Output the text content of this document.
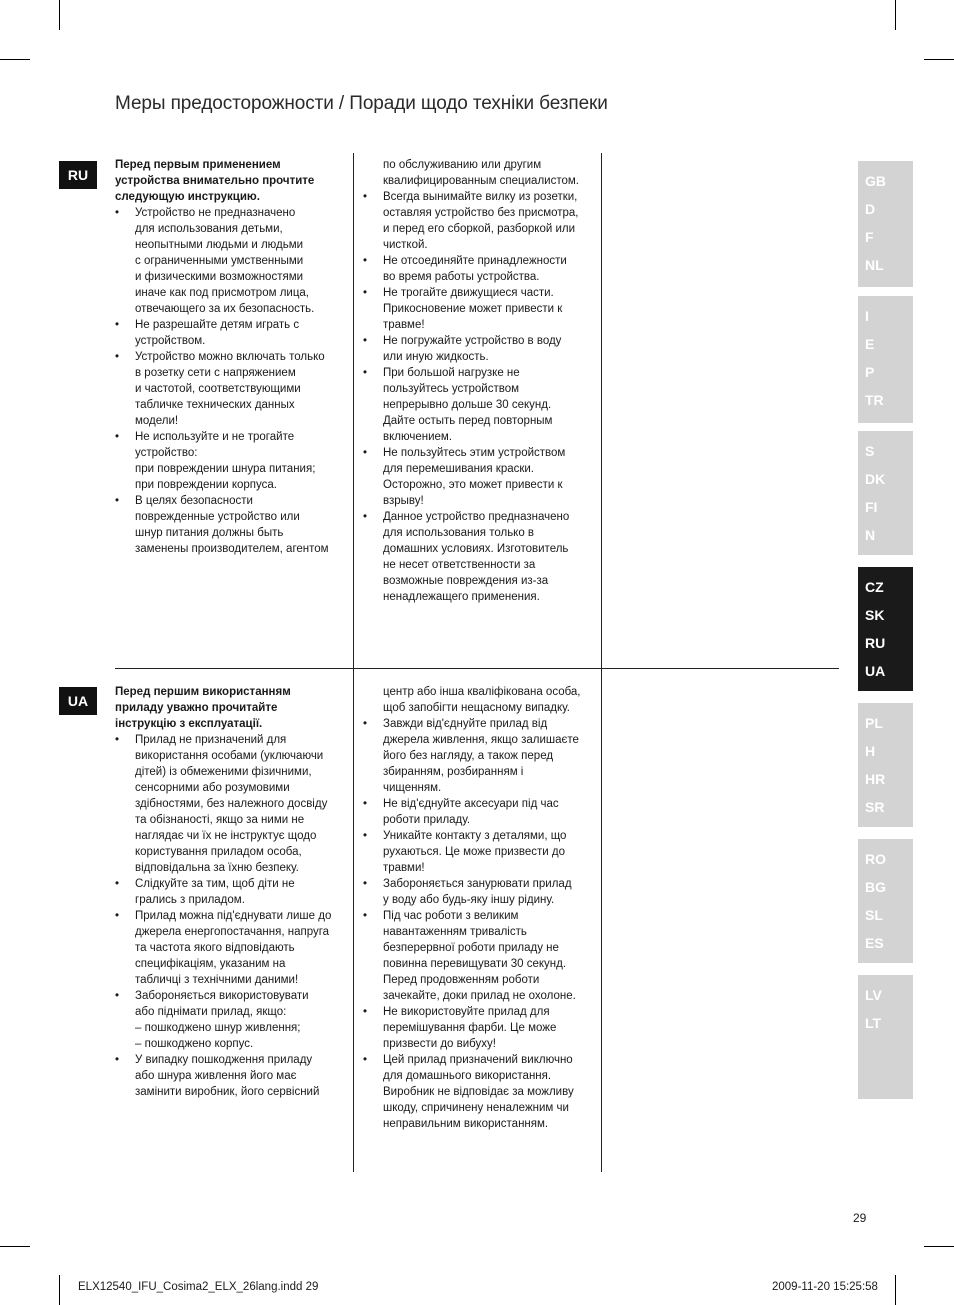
Меры предосторожности / Поради щодо техніки безпеки
RU
Перед первым применением
устройства внимательно прочтите
следующую инструкцию.
• Устройство не предназначено
для использования детьми,
неопытными людьми и людьми
с ограниченными умственными
и физическими возможностями
иначе как под присмотром лица,
отвечающего за их безопасность.
• Не разрешайте детям играть с
устройством.
• Устройство можно включать только
в розетку сети с напряжением
и частотой, соответствующими
табличке технических данных
модели!
• Не используйте и не трогайте
устройство:
при повреждении шнура питания;
при повреждении корпуса.
• В целях безопасности
поврежденные устройство или
шнур питания должны быть
заменены производителем, агентом
по обслуживанию или другим
квалифицированным специалистом.
• Всегда вынимайте вилку из розетки,
оставляя устройство без присмотра,
и перед его сборкой, разборкой или
чисткой.
• Не отсоединяйте принадлежности
во время работы устройства.
• Не трогайте движущиеся части.
Прикосновение может привести к
травме!
• Не погружайте устройство в воду
или иную жидкость.
• При большой нагрузке не
пользуйтесь устройством
непрерывно дольше 30 секунд.
Дайте остыть перед повторным
включением.
• Не пользуйтесь этим устройством
для перемешивания краски.
Осторожно, это может привести к
взрыву!
• Данное устройство предназначено
для использования только в
домашних условиях. Изготовитель
не несет ответственности за
возможные повреждения из-за
ненадлежащего применения.
UA
Перед першим використанням
приладу уважно прочитайте
інструкцію з експлуатації.
• Прилад не призначений для
використання особами (уключаючи
дітей) із обмеженими фізичними,
сенсорними або розумовими
здібностями, без належного досвіду
та обізнаності, якщо за ними не
наглядає чи їх не інструктує щодо
користування приладом особа,
відповідальна за їхню безпеку.
• Слідкуйте за тим, щоб діти не
грались з приладом.
• Прилад можна під'єднувати лише до
джерела енергопостачання, напруга
та частота якого відповідають
специфікаціям, указаним на
табличці з технічними даними!
• Забороняється використовувати
або піднімати прилад, якщо:
– пошкоджено шнур живлення;
– пошкоджено корпус.
• У випадку пошкодження приладу
або шнура живлення його має
замінити виробник, його сервісний
центр або інша кваліфікована особа,
щоб запобігти нещасному випадку.
• Завжди від'єднуйте прилад від
джерела живлення, якщо залишаєте
його без нагляду, а також перед
збиранням, розбиранням і
чищенням.
• Не від'єднуйте аксесуари під час
роботи приладу.
• Уникайте контакту з деталями, що
рухаються. Це може призвести до
травми!
• Забороняється занурювати прилад
у воду або будь-яку іншу рідину.
• Під час роботи з великим
навантаженням тривалість
безперервної роботи приладу не
повинна перевищувати 30 секунд.
Перед продовженням роботи
зачекайте, доки прилад не охолоне.
• Не використовуйте прилад для
перемішування фарби. Це може
призвести до вибуху!
• Цей прилад призначений виключно
для домашнього використання.
Виробник не відповідає за можливу
шкоду, спричинену неналежним чи
неправильним використанням.
GB
D
F
NL
I
E
P
TR
S
DK
FI
N
CZ
SK
RU
UA
PL
H
HR
SR
RO
BG
SL
ES
LV
LT
29
ELX12540_IFU_Cosima2_ELX_26lang.indd 29	2009-11-20 15:25:58
